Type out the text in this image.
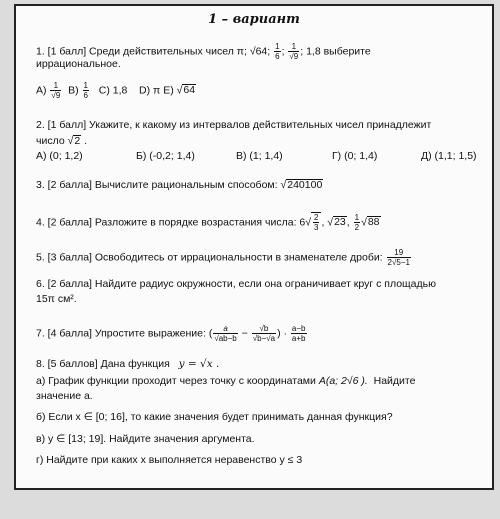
1 – вариант
1. [1 балл] Среди действительных чисел π; √64; $\frac{1}{6}$ ; $\frac{1}{√9}$ ; 1,8 выберите
иррациональное.
$А) \frac{1}{√9} В) \frac{1}{6} С$) 1,8 D) π E) √64
2. [1 балл] Укажите, к какому из интервалов действительных чисел принадлежит
число √2 .
А) (0; 1,2)	Б) (-0,2; 1,4)	В) (1; 1,4)	Г) (0; 1,4)	Д) (1,1; 1,5)
3. [2 балла] Вычислите рациональным способом: √240100
4. [2 балла] Разложите в порядке возрастания числа: $6√ \frac{2}{3}$ , √23, $\frac{1}{2} √88$
5. [3 балла] Освободитесь от иррациональности в знаменателе дроби: $\frac{19}{2√5-1}$
6. [2 балла] Найдите радиус окружности, если она ограничивает круг с площадью
15π см².
7. [4 балла] Упростите выражение: ( $\frac{a}{√ab-b} - \frac{√b}{√b-√a}$ ) · $\frac{a-b}{a+b}$
8. [5 баллов] Дана функция y = √x .
а) График функции проходит через точку с координатами A(a; 2√6 ). Найдите
значение а.
б) Если x ∈ [0; 16], то какие значения будет принимать данная функция?
в) y ∈ [13; 19]. Найдите значения аргумента.
г) Найдите при каких x выполняется неравенство y ≤ 3
